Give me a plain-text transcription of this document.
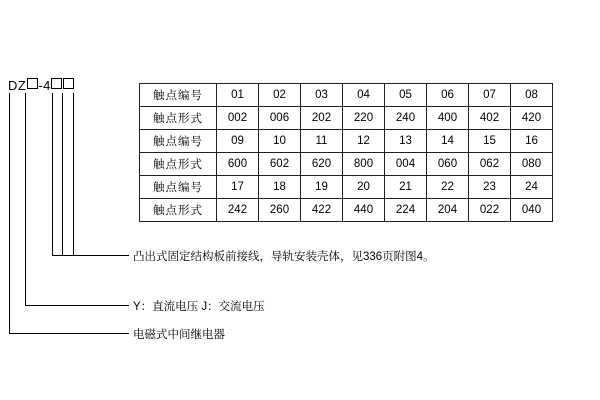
DZ -4
凸出式固定结构板前接线，导轨安装壳体，见336页附图4。
Y：直流电压 J：交流电压
电磁式中间继电器
触点编号	01	02	03	04	05	06	07	08
触点形式	002	006	202	220	240	400	402	420
触点编号	09	10	11	12	13	14	15	16
触点形式	600	602	620	800	004	060	062	080
触点编号	17	18	19	20	21	22	23	24
触点形式	242	260	422	440	224	204	022	040
